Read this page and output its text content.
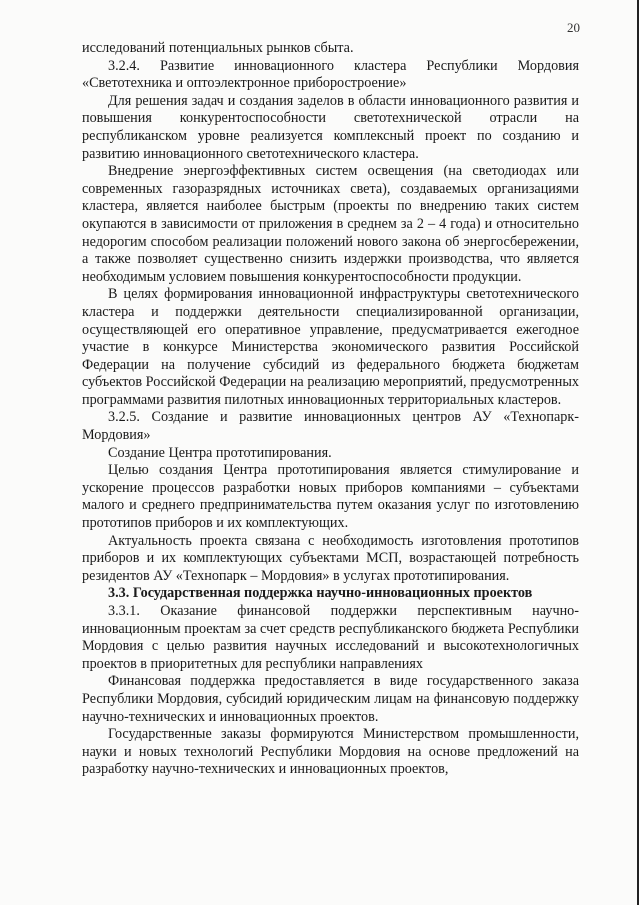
20

исследований потенциальных рынков сбыта.

3.2.4. Развитие инновационного кластера Республики Мордовия «Светотехника и оптоэлектронное приборостроение»

Для решения задач и создания заделов в области инновационного развития и повышения конкурентоспособности светотехнической отрасли на республиканском уровне реализуется комплексный проект по созданию и развитию инновационного светотехнического кластера.

Внедрение энергоэффективных систем освещения (на светодиодах или современных газоразрядных источниках света), создаваемых организациями кластера, является наиболее быстрым (проекты по внедрению таких систем окупаются в зависимости от приложения в среднем за 2 – 4 года) и относительно недорогим способом реализации положений нового закона об энергосбережении, а также позволяет существенно снизить издержки производства, что является необходимым условием повышения конкурентоспособности продукции.

В целях формирования инновационной инфраструктуры светотехнического кластера и поддержки деятельности специализированной организации, осуществляющей его оперативное управление, предусматривается ежегодное участие в конкурсе Министерства экономического развития Российской Федерации на получение субсидий из федерального бюджета бюджетам субъектов Российской Федерации на реализацию мероприятий, предусмотренных программами развития пилотных инновационных территориальных кластеров.

3.2.5. Создание и развитие инновационных центров АУ «Технопарк-Мордовия»

Создание Центра прототипирования.

Целью создания Центра прототипирования является стимулирование и ускорение процессов разработки новых приборов компаниями – субъектами малого и среднего предпринимательства путем оказания услуг по изготовлению прототипов приборов и их комплектующих.

Актуальность проекта связана с необходимость изготовления прототипов приборов и их комплектующих субъектами МСП, возрастающей потребность резидентов АУ «Технопарк – Мордовия» в услугах прототипирования.

3.3. Государственная поддержка научно-инновационных проектов

3.3.1. Оказание финансовой поддержки перспективным научно-инновационным проектам за счет средств республиканского бюджета Республики Мордовия с целью развития научных исследований и высокотехнологичных проектов в приоритетных для республики направлениях

Финансовая поддержка предоставляется в виде государственного заказа Республики Мордовия, субсидий юридическим лицам на финансовую поддержку научно-технических и инновационных проектов.

Государственные заказы формируются Министерством промышленности, науки и новых технологий Республики Мордовия на основе предложений на разработку научно-технических и инновационных проектов,
